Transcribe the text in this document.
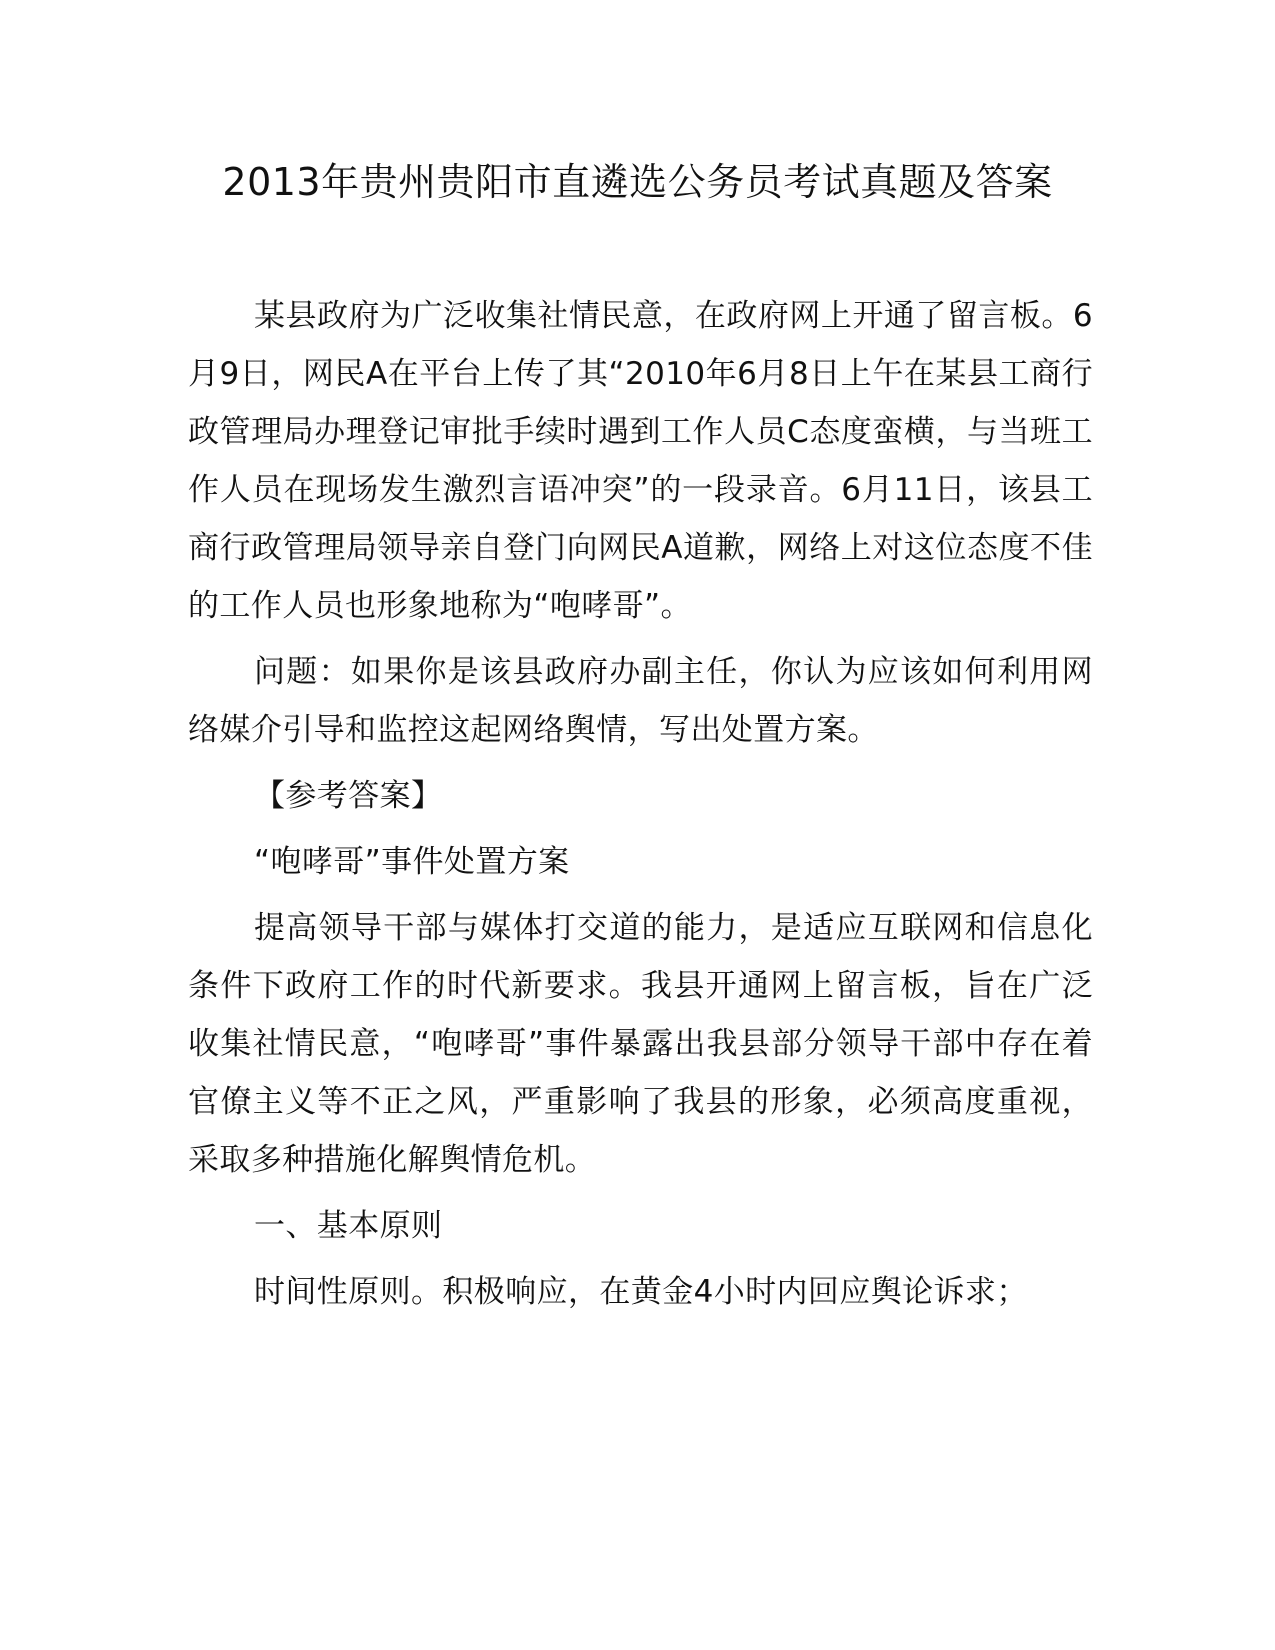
2013年贵州贵阳市直遴选公务员考试真题及答案

某县政府为广泛收集社情民意，在政府网上开通了留言板。6月9日，网民A在平台上传了其“2010年6月8日上午在某县工商行政管理局办理登记审批手续时遇到工作人员C态度蛮横，与当班工作人员在现场发生激烈言语冲突”的一段录音。6月11日，该县工商行政管理局领导亲自登门向网民A道歉，网络上对这位态度不佳的工作人员也形象地称为“咆哮哥”。

问题：如果你是该县政府办副主任，你认为应该如何利用网络媒介引导和监控这起网络舆情，写出处置方案。

【参考答案】

“咆哮哥”事件处置方案

提高领导干部与媒体打交道的能力，是适应互联网和信息化条件下政府工作的时代新要求。我县开通网上留言板，旨在广泛收集社情民意，“咆哮哥”事件暴露出我县部分领导干部中存在着官僚主义等不正之风，严重影响了我县的形象，必须高度重视，采取多种措施化解舆情危机。

一、基本原则

时间性原则。积极响应，在黄金4小时内回应舆论诉求；
